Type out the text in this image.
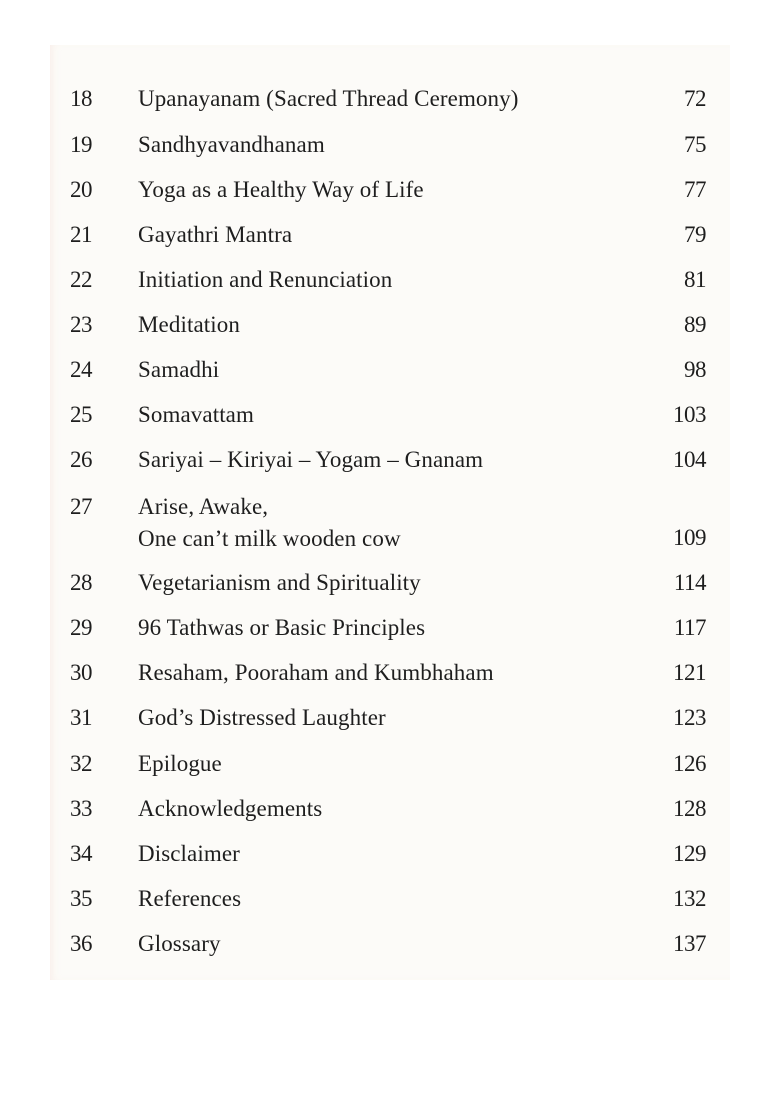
18	Upanayanam (Sacred Thread Ceremony)	72
19	Sandhyavandhanam	75
20	Yoga as a Healthy Way of Life	77
21	Gayathri Mantra	79
22	Initiation and Renunciation	81
23	Meditation	89
24	Samadhi	98
25	Somavattam	103
26	Sariyai – Kiriyai – Yogam – Gnanam	104
27	Arise, Awake,
One can’t milk wooden cow	109
28	Vegetarianism and Spirituality	114
29	96 Tathwas or Basic Principles	117
30	Resaham, Pooraham and Kumbhaham	121
31	God’s Distressed Laughter	123
32	Epilogue	126
33	Acknowledgements	128
34	Disclaimer	129
35	References	132
36	Glossary	137
